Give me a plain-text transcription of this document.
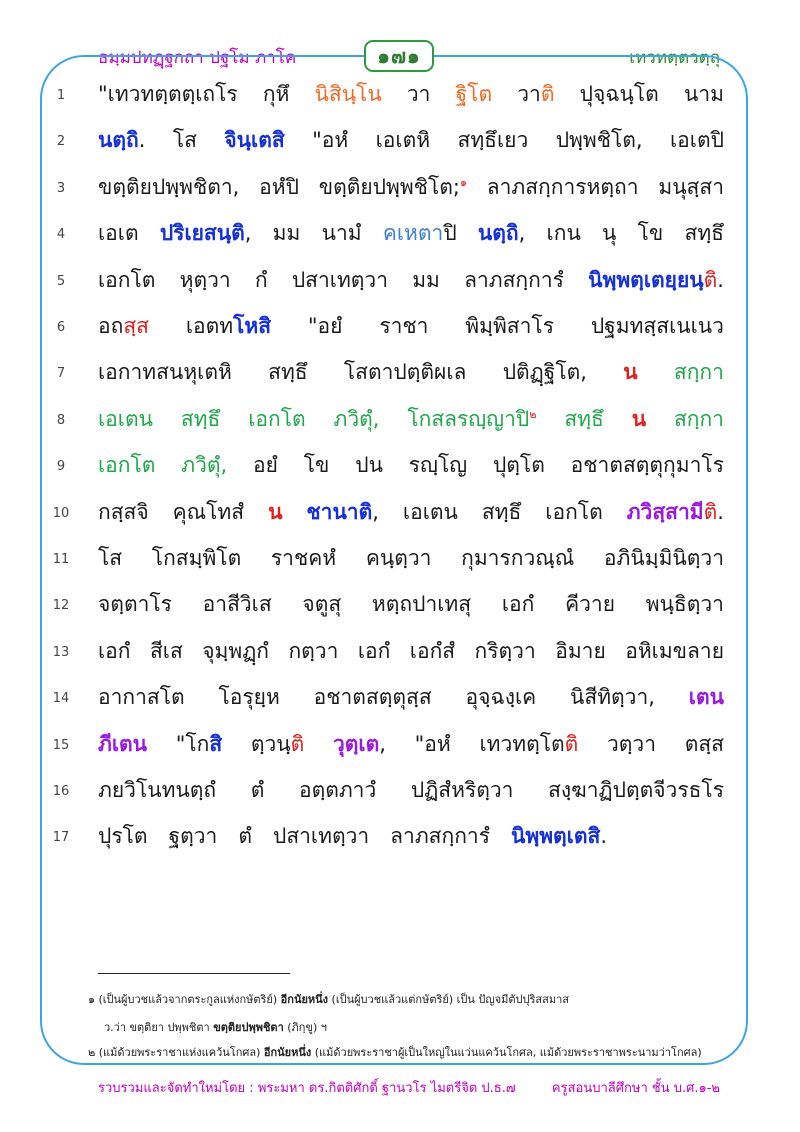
ธมฺมปทฏฺฐกถา ปฐโม ภาโค	๑๗๑	เทวทตฺตวตฺถุ
1	"เทวทตฺตตฺเถโร กุหึ นิสินฺโน วา ฐิโต วาติ ปุจฺฉนฺโต นาม
2	นตฺถิ. โส จินฺเตสิ "อหํ เอเตหิ สทฺธึเยว ปพฺพชิโต, เอเตปิ
3	ขตฺติยปพฺพชิตา, อหํปิ ขตฺติยปพฺพชิโต;$^๑$ ลาภสกฺการหตฺถา มนุสฺสา
4	เอเต ปริเยสนฺติ, มม นามํ คเหตาปิ นตฺถิ, เกน นุ โข สทฺธึ
5	เอกโต หุตฺวา กํ ปสาเทตฺวา มม ลาภสกฺการํ นิพฺพตฺเตยฺยนฺติ.
6	อถสฺส เอตทโหสิ "อยํ ราชา พิมฺพิสาโร ปฐมทสฺสเนเนว
7	เอกาทสนหุเตหิ สทฺธึ โสตาปตฺติผเล ปติฏฺฐิโต, น สกฺกา
8	เอเตน สทฺธึ เอกโต ภวิตุํ, โกสลรญฺญาปิ$^๒$ สทฺธึ น สกฺกา
9	เอกโต ภวิตุํ, อยํ โข ปน รญฺโญ ปุตฺโต อชาตสตฺตุกุมาโร
10	กสฺสจิ คุณโทสํ น ชานาติ, เอเตน สทฺธึ เอกโต ภวิสฺสามีติ.
11	โส โกสมฺพิโต ราชคหํ คนฺตฺวา กุมารกวณฺณํ อภินิมฺมินิตฺวา
12	จตฺตาโร อาสีวิเส จตูสุ หตฺถปาเทสุ เอกํ คีวาย พนฺธิตฺวา
13	เอกํ สีเส จุมฺพฏฺกํ กตฺวา เอกํ เอกํสํ กริตฺวา อิมาย อหิเมขลาย
14	อากาสโต โอรุยฺห อชาตสตฺตุสฺส อุจฺฉงฺเค นิสีทิตฺวา, เตน
15	ภีเตน "โกสิ ตฺวนฺติ วุตฺเต, "อหํ เทวทตฺโตติ วตฺวา ตสฺส
16	ภยวิโนทนตฺถํ ตํ อตฺตภาวํ ปฏิสํหริตฺวา สงฺฆาฏิปตฺตจีวรธโร
17	ปุรโต ฐตฺวา ตํ ปสาเทตฺวา ลาภสกฺการํ นิพฺพตฺเตสิ.
๑ (เป็นผู้บวชแล้วจากตระกูลแห่งกษัตริย์) อีกนัยหนึ่ง (เป็นผู้บวชแล้วแต่กษัตริย์) เป็น ปัญจมีตัปปุริสสมาส
ว.ว่า ขตฺติยา ปพฺพชิตา ขตฺติยปพฺพชิตา (ภิกฺขู) ฯ
๒ (แม้ด้วยพระราชาแห่งแคว้นโกศล) อีกนัยหนึ่ง (แม้ด้วยพระราชาผู้เป็นใหญ่ในแว่นแคว้นโกศล, แม้ด้วยพระราชาพระนามว่าโกศล)
รวบรวมและจัดทำใหม่โดย : พระมหา ดร.กิตติศักดิ์ ฐานวโร ไมตรีจิต ป.ธ.๗	ครูสอนบาลีศึกษา ชั้น บ.ศ.๑-๒
